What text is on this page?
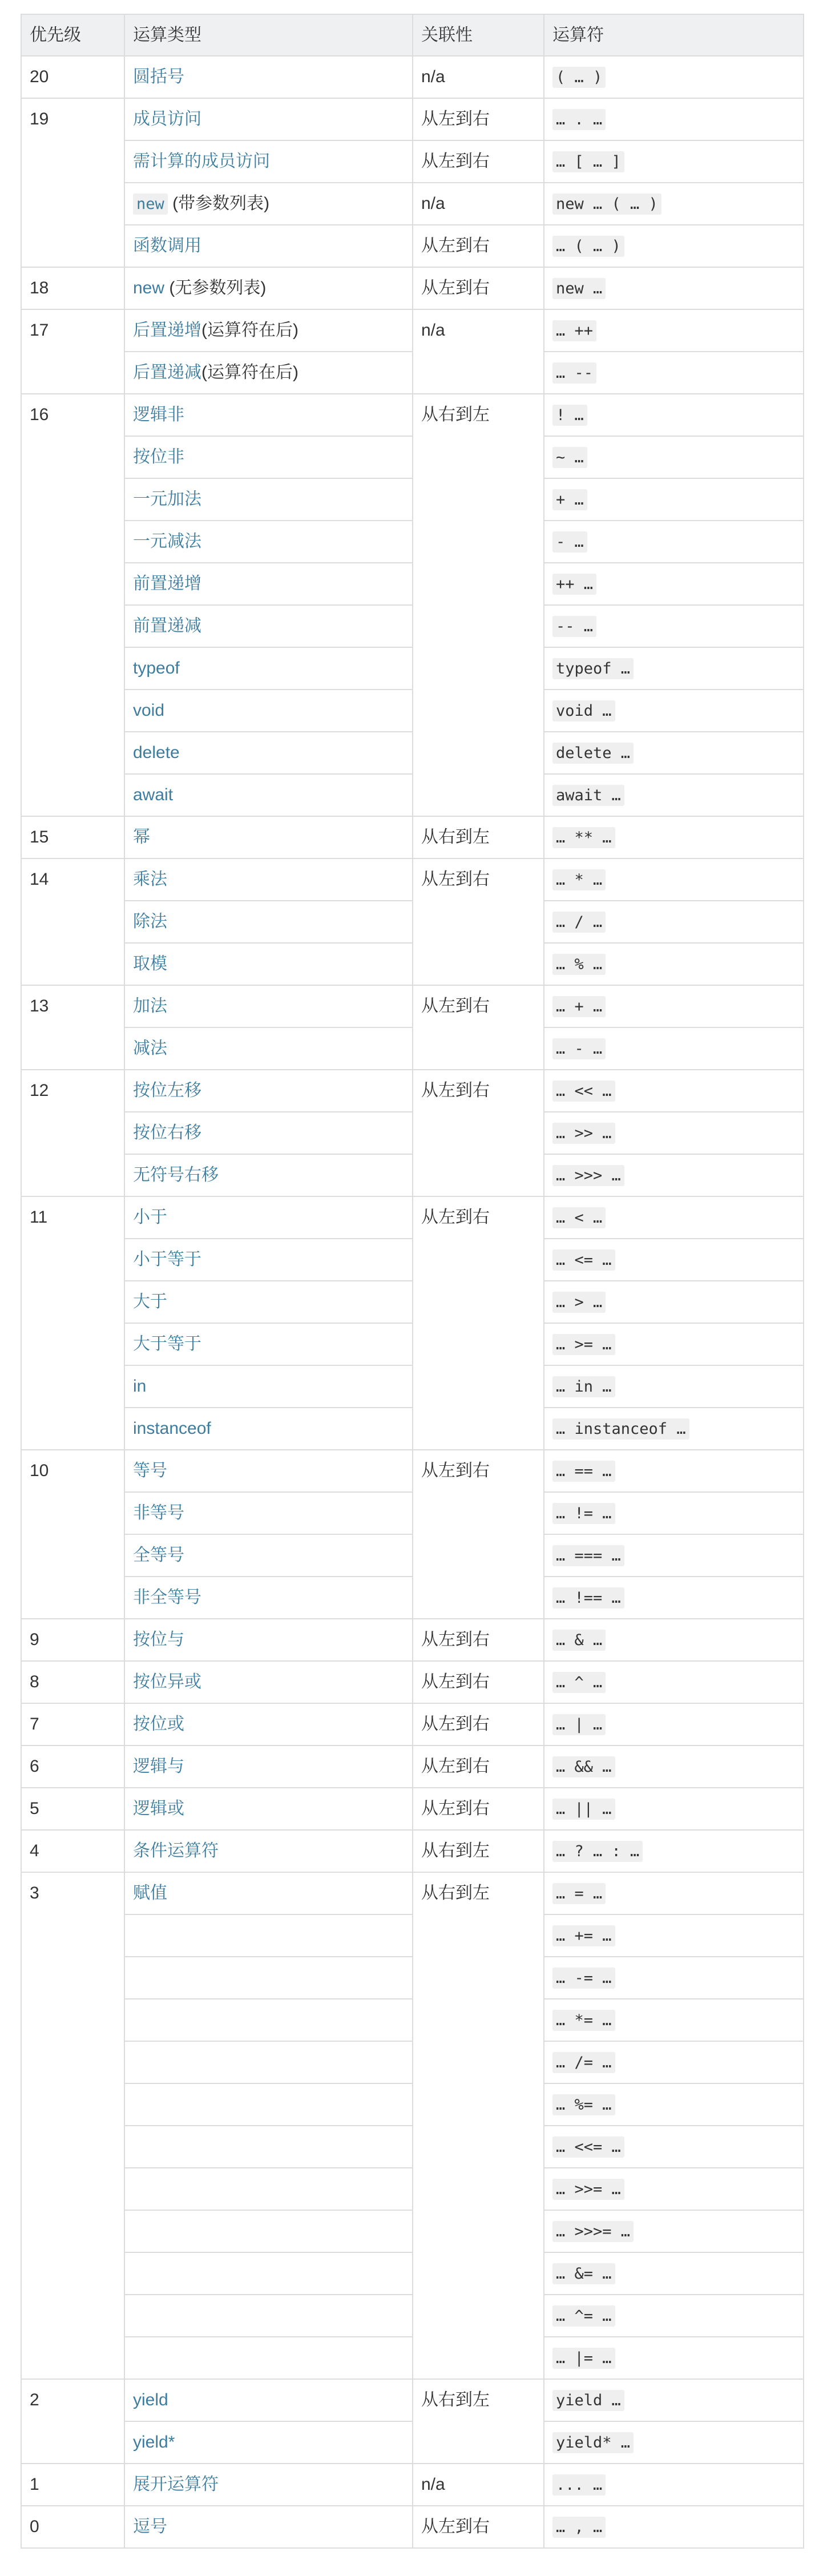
优先级	运算类型	关联性	运算符
20	圆括号	n/a	( … )
19	成员访问	从左到右	… . …
	需计算的成员访问	从左到右	… [ … ]
	new (带参数列表)	n/a	new … ( … )
	函数调用	从左到右	… ( … )
18	new (无参数列表)	从左到右	new …
17	后置递增(运算符在后)	n/a	… ++
	后置递减(运算符在后)		… --
16	逻辑非	从右到左	! …
	按位非		~ …
	一元加法		+ …
	一元减法		- …
	前置递增		++ …
	前置递减		-- …
	typeof		typeof …
	void		void …
	delete		delete …
	await		await …
15	幂	从右到左	… ** …
14	乘法	从左到右	… * …
	除法		… / …
	取模		… % …
13	加法	从左到右	… + …
	减法		… - …
12	按位左移	从左到右	… << …
	按位右移		… >> …
	无符号右移		… >>> …
11	小于	从左到右	… < …
	小于等于		… <= …
	大于		… > …
	大于等于		… >= …
	in		… in …
	instanceof		… instanceof …
10	等号	从左到右	… == …
	非等号		… != …
	全等号		… === …
	非全等号		… !== …
9	按位与	从左到右	… & …
8	按位异或	从左到右	… ^ …
7	按位或	从左到右	… | …
6	逻辑与	从左到右	… && …
5	逻辑或	从左到右	… || …
4	条件运算符	从右到左	… ? … : …
3	赋值	从右到左	… = …
			… += …
			… -= …
			… *= …
			… /= …
			… %= …
			… <<= …
			… >>= …
			… >>>= …
			… &= …
			… ^= …
			… |= …
2	yield	从右到左	yield …
	yield*		yield* …
1	展开运算符	n/a	... …
0	逗号	从左到右	… , …
